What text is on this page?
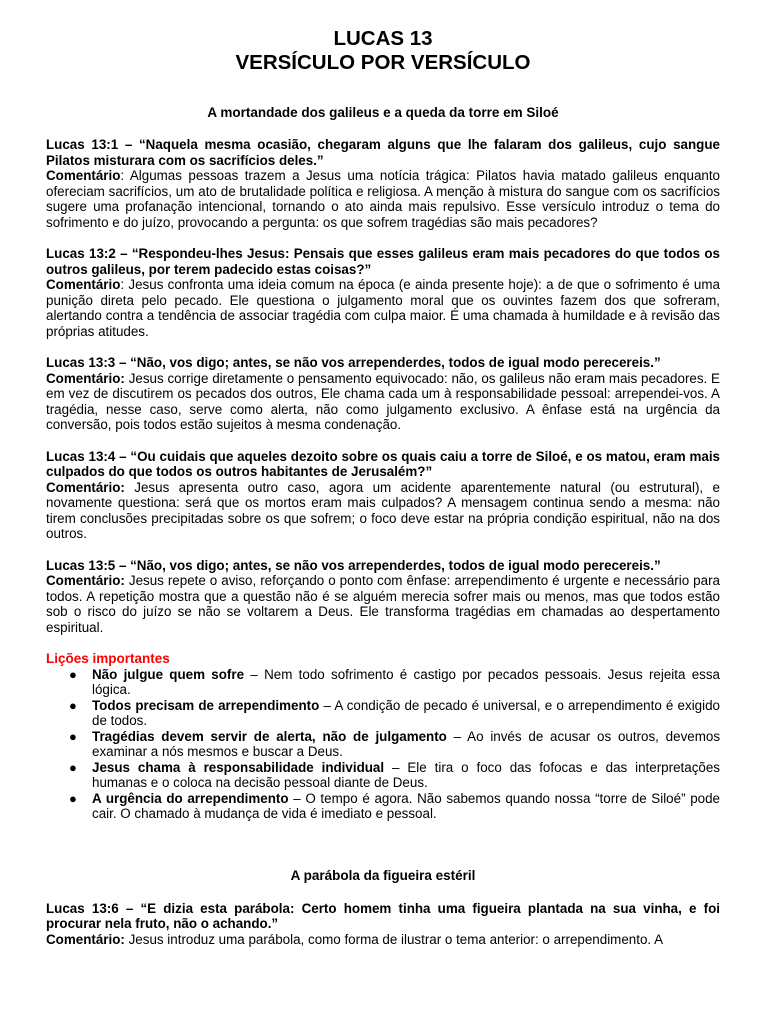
LUCAS 13
VERSÍCULO POR VERSÍCULO
A mortandade dos galileus e a queda da torre em Siloé
Lucas 13:1 – “Naquela mesma ocasião, chegaram alguns que lhe falaram dos galileus, cujo sangue Pilatos misturara com os sacrifícios deles.”
Comentário: Algumas pessoas trazem a Jesus uma notícia trágica: Pilatos havia matado galileus enquanto ofereciam sacrifícios, um ato de brutalidade política e religiosa. A menção à mistura do sangue com os sacrifícios sugere uma profanação intencional, tornando o ato ainda mais repulsivo. Esse versículo introduz o tema do sofrimento e do juízo, provocando a pergunta: os que sofrem tragédias são mais pecadores?
Lucas 13:2 – “Respondeu-lhes Jesus: Pensais que esses galileus eram mais pecadores do que todos os outros galileus, por terem padecido estas coisas?”
Comentário: Jesus confronta uma ideia comum na época (e ainda presente hoje): a de que o sofrimento é uma punição direta pelo pecado. Ele questiona o julgamento moral que os ouvintes fazem dos que sofreram, alertando contra a tendência de associar tragédia com culpa maior. É uma chamada à humildade e à revisão das próprias atitudes.
Lucas 13:3 – “Não, vos digo; antes, se não vos arrependerdes, todos de igual modo perecereis.”
Comentário: Jesus corrige diretamente o pensamento equivocado: não, os galileus não eram mais pecadores. E em vez de discutirem os pecados dos outros, Ele chama cada um à responsabilidade pessoal: arrependei-vos. A tragédia, nesse caso, serve como alerta, não como julgamento exclusivo. A ênfase está na urgência da conversão, pois todos estão sujeitos à mesma condenação.
Lucas 13:4 – “Ou cuidais que aqueles dezoito sobre os quais caiu a torre de Siloé, e os matou, eram mais culpados do que todos os outros habitantes de Jerusalém?”
Comentário: Jesus apresenta outro caso, agora um acidente aparentemente natural (ou estrutural), e novamente questiona: será que os mortos eram mais culpados? A mensagem continua sendo a mesma: não tirem conclusões precipitadas sobre os que sofrem; o foco deve estar na própria condição espiritual, não na dos outros.
Lucas 13:5 – “Não, vos digo; antes, se não vos arrependerdes, todos de igual modo perecereis.”
Comentário: Jesus repete o aviso, reforçando o ponto com ênfase: arrependimento é urgente e necessário para todos. A repetição mostra que a questão não é se alguém merecia sofrer mais ou menos, mas que todos estão sob o risco do juízo se não se voltarem a Deus. Ele transforma tragédias em chamadas ao despertamento espiritual.
Lições importantes
● Não julgue quem sofre – Nem todo sofrimento é castigo por pecados pessoais. Jesus rejeita essa lógica.
● Todos precisam de arrependimento – A condição de pecado é universal, e o arrependimento é exigido de todos.
● Tragédias devem servir de alerta, não de julgamento – Ao invés de acusar os outros, devemos examinar a nós mesmos e buscar a Deus.
● Jesus chama à responsabilidade individual – Ele tira o foco das fofocas e das interpretações humanas e o coloca na decisão pessoal diante de Deus.
● A urgência do arrependimento – O tempo é agora. Não sabemos quando nossa “torre de Siloé” pode cair. O chamado à mudança de vida é imediato e pessoal.
A parábola da figueira estéril
Lucas 13:6 – “E dizia esta parábola: Certo homem tinha uma figueira plantada na sua vinha, e foi procurar nela fruto, não o achando.”
Comentário: Jesus introduz uma parábola, como forma de ilustrar o tema anterior: o arrependimento. A
